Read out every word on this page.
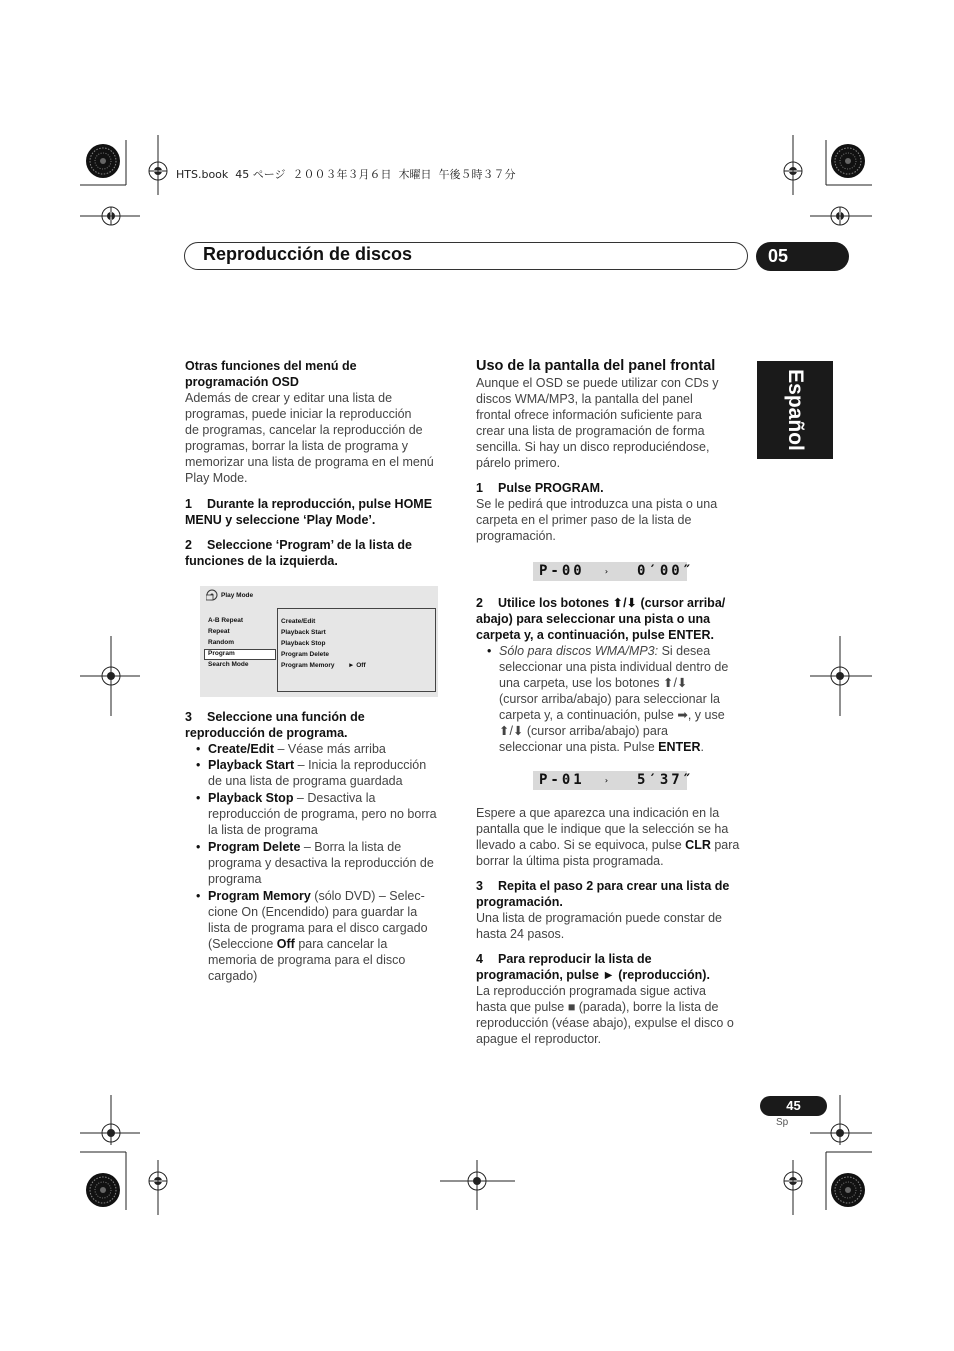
HTS.book  45 ページ  ２００３年３月６日  木曜日  午後５時３７分
Reproducción de discos	05
Español
Otras funciones del menú de
programación OSD
Además de crear y editar una lista de
programas, puede iniciar la reproducción
de programas, cancelar la reproducción de
programas, borrar la lista de programa y
memorizar una lista de programa en el menú
Play Mode.
1 Durante la reproducción, pulse HOME
MENU y seleccione ‘Play Mode’.
2 Seleccione ‘Program’ de la lista de
funciones de la izquierda.
Play Mode
A-B Repeat
Repeat
Random
Program
Search Mode
Create/Edit
Playback Start
Playback Stop
Program Delete
Program Memory ► Off
3 Seleccione una función de
reproducción de programa.
• Create/Edit – Véase más arriba
• Playback Start – Inicia la reproducción
de una lista de programa guardada
• Playback Stop – Desactiva la
reproducción de programa, pero no borra
la lista de programa
• Program Delete – Borra la lista de
programa y desactiva la reproducción de
programa
• Program Memory (sólo DVD) – Selec-
cione On (Encendido) para guardar la
lista de programa para el disco cargado
(Seleccione Off para cancelar la
memoria de programa para el disco
cargado)
Uso de la pantalla del panel frontal
Aunque el OSD se puede utilizar con CDs y
discos WMA/MP3, la pantalla del panel
frontal ofrece información suficiente para
crear una lista de programación de forma
sencilla. Si hay un disco reproduciéndose,
párelo primero.
1 Pulse PROGRAM.
Se le pedirá que introduzca una pista o una
carpeta en el primer paso de la lista de
programación.
P-00 › 0′00″
2 Utilice los botones ⬆/⬇ (cursor arriba/
abajo) para seleccionar una pista o una
carpeta y, a continuación, pulse ENTER.
• Sólo para discos WMA/MP3: Si desea
seleccionar una pista individual dentro de
una carpeta, use los botones ⬆/⬇
(cursor arriba/abajo) para seleccionar la
carpeta y, a continuación, pulse ➡, y use
⬆/⬇ (cursor arriba/abajo) para
seleccionar una pista. Pulse ENTER.
P-01 › 5′37″
Espere a que aparezca una indicación en la
pantalla que le indique que la selección se ha
llevado a cabo. Si se equivoca, pulse CLR para
borrar la última pista programada.
3 Repita el paso 2 para crear una lista de
programación.
Una lista de programación puede constar de
hasta 24 pasos.
4 Para reproducir la lista de
programación, pulse ► (reproducción).
La reproducción programada sigue activa
hasta que pulse ■ (parada), borre la lista de
reproducción (véase abajo), expulse el disco o
apague el reproductor.
45
Sp
